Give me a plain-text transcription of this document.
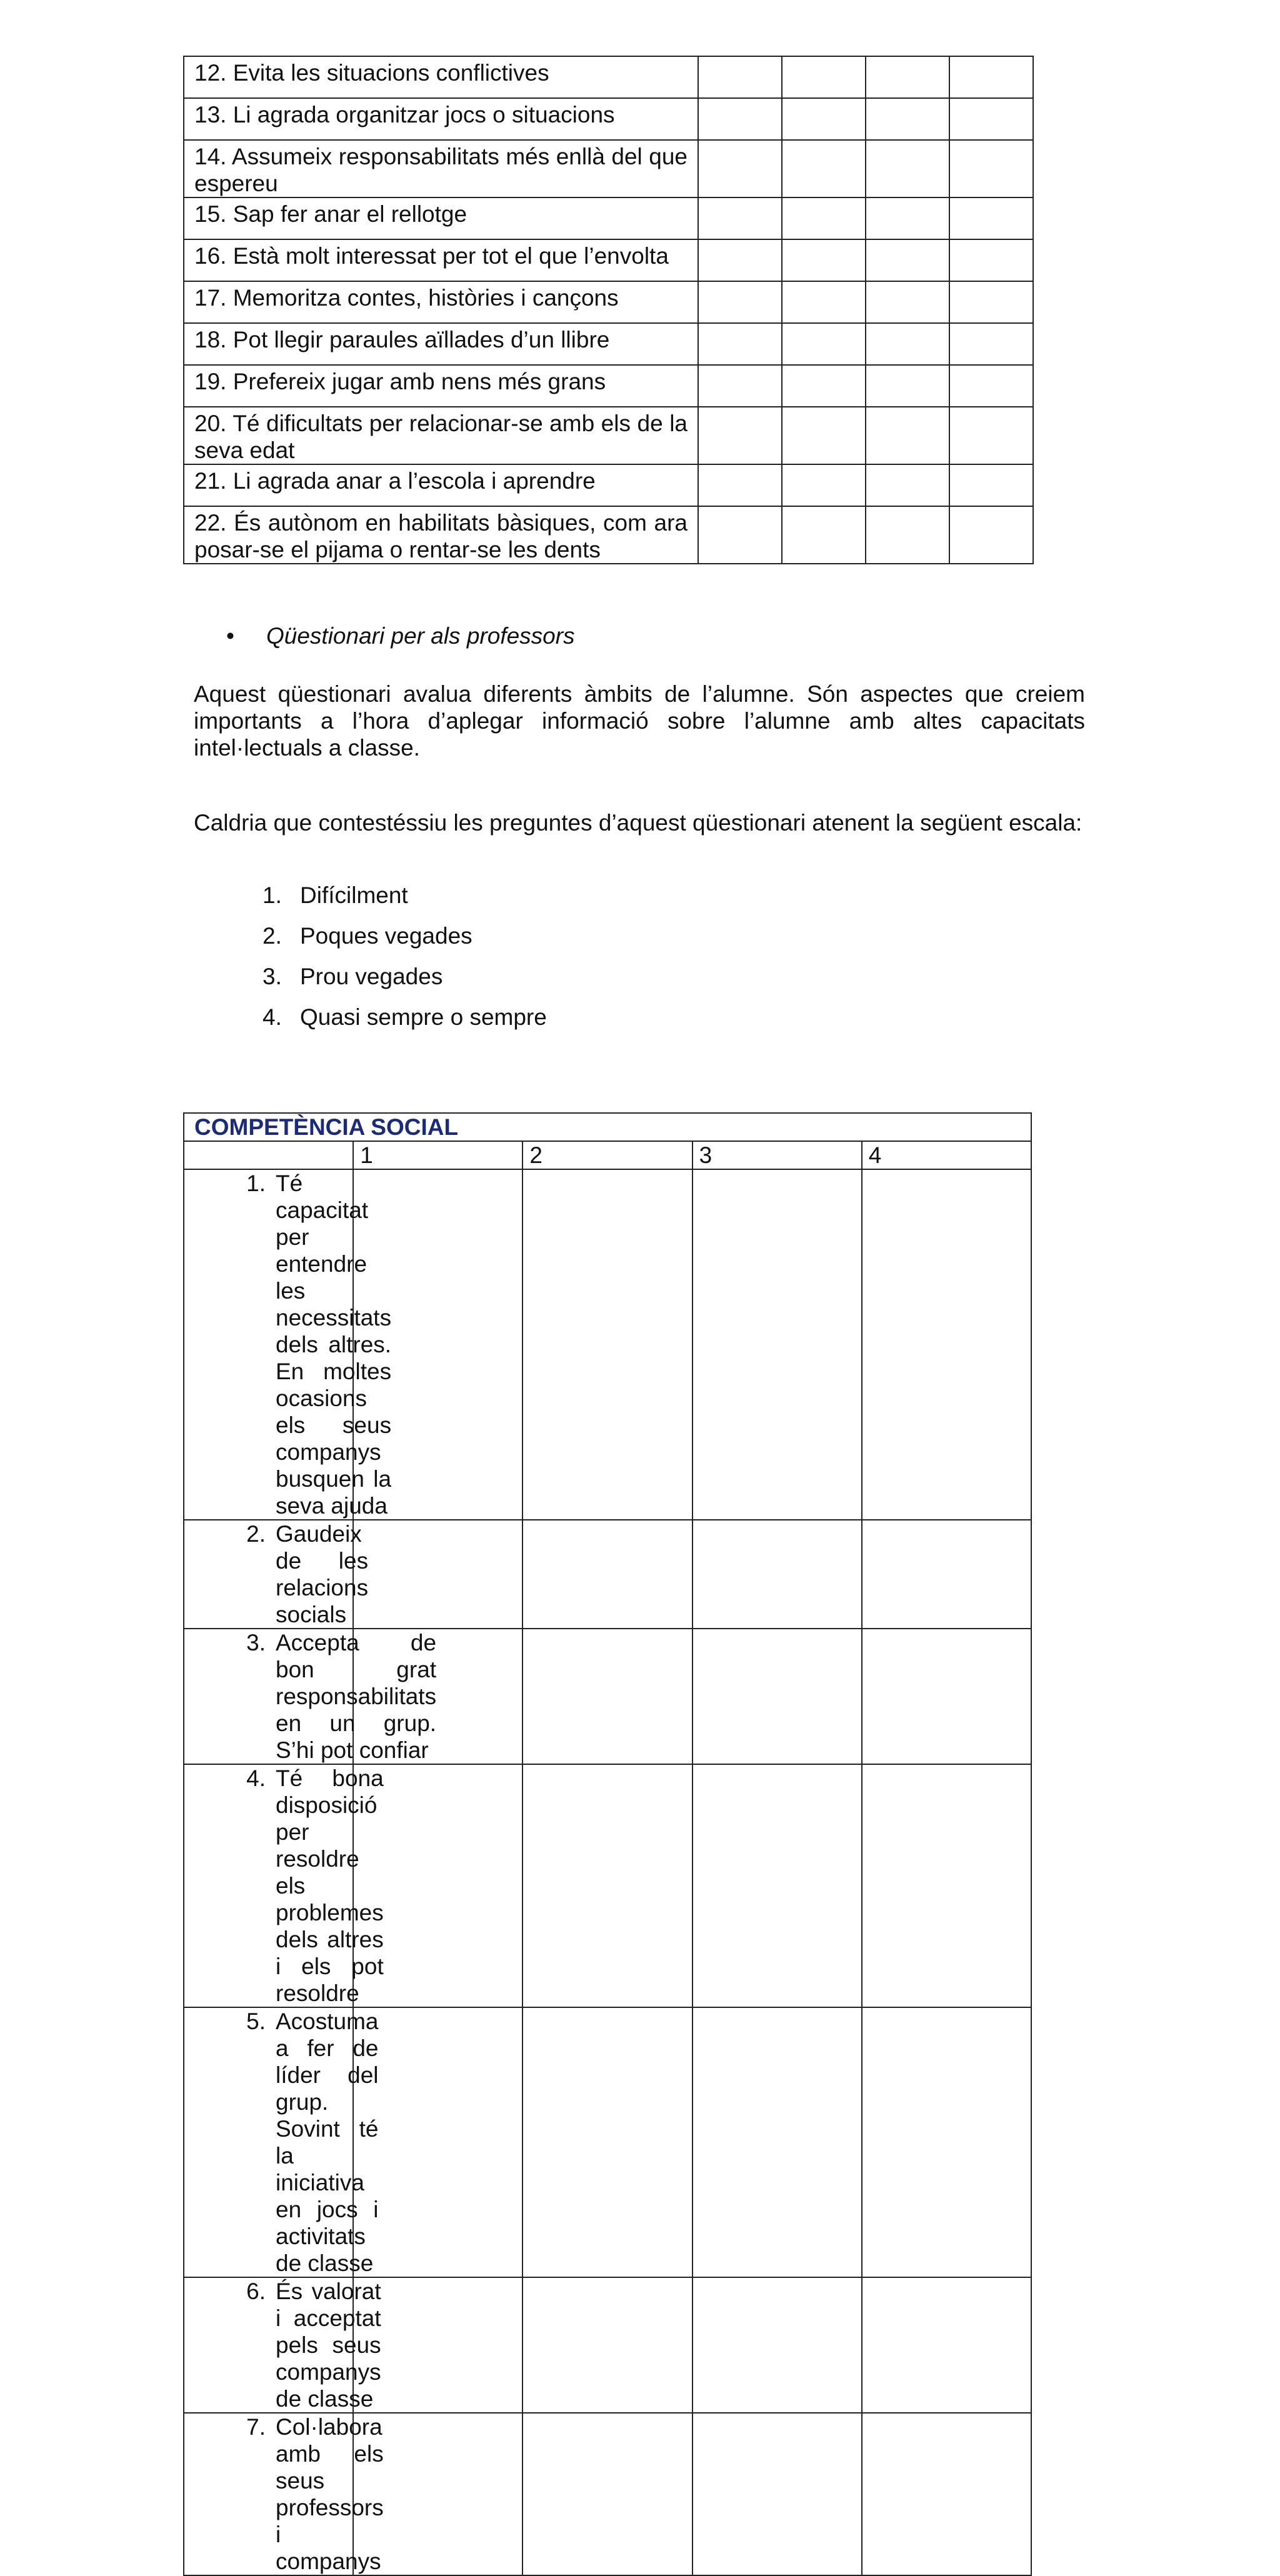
12. Evita les situacions conflictives				

13. Li agrada organitzar jocs o situacions				

14. Assumeix responsabilitats més enllà del que espereu				

15. Sap fer anar el rellotge				

16. Està molt interessat per tot el que l’envolta				

17. Memoritza contes, històries i cançons				

18. Pot llegir paraules aïllades d’un llibre				

19. Prefereix jugar amb nens més grans				

20. Té dificultats per relacionar-se amb els de la seva edat				

21. Li agrada anar a l’escola i aprendre				

22. És autònom en habilitats bàsiques, com ara posar-se el pijama o rentar-se les dents				

• Qüestionari per als professors
Aquest qüestionari avalua diferents àmbits de l’alumne. Són aspectes que creiem importants a l’hora d’aplegar informació sobre l’alumne amb altes capacitats intel·lectuals a classe.
Caldria que contestéssiu les preguntes d’aquest qüestionari atenent la següent escala:
1. Difícilment
2. Poques vegades
3. Prou vegades
4. Quasi sempre o sempre
COMPETÈNCIA SOCIAL				
	1	2	3	4

1. Té capacitat per entendre les necessitats dels altres. En moltes ocasions els seus companys busquen la seva ajuda				

2. Gaudeix de les relacions socials				

3. Accepta de bon grat responsabilitats en un grup. S’hi pot confiar				

4. Té bona disposició per resoldre els problemes dels altres i els pot resoldre				

5. Acostuma a fer de líder del grup. Sovint té la iniciativa en jocs i activitats de classe				

6. És valorat i acceptat pels seus companys de classe				

7. Col·labora amb els seus professors i companys				
